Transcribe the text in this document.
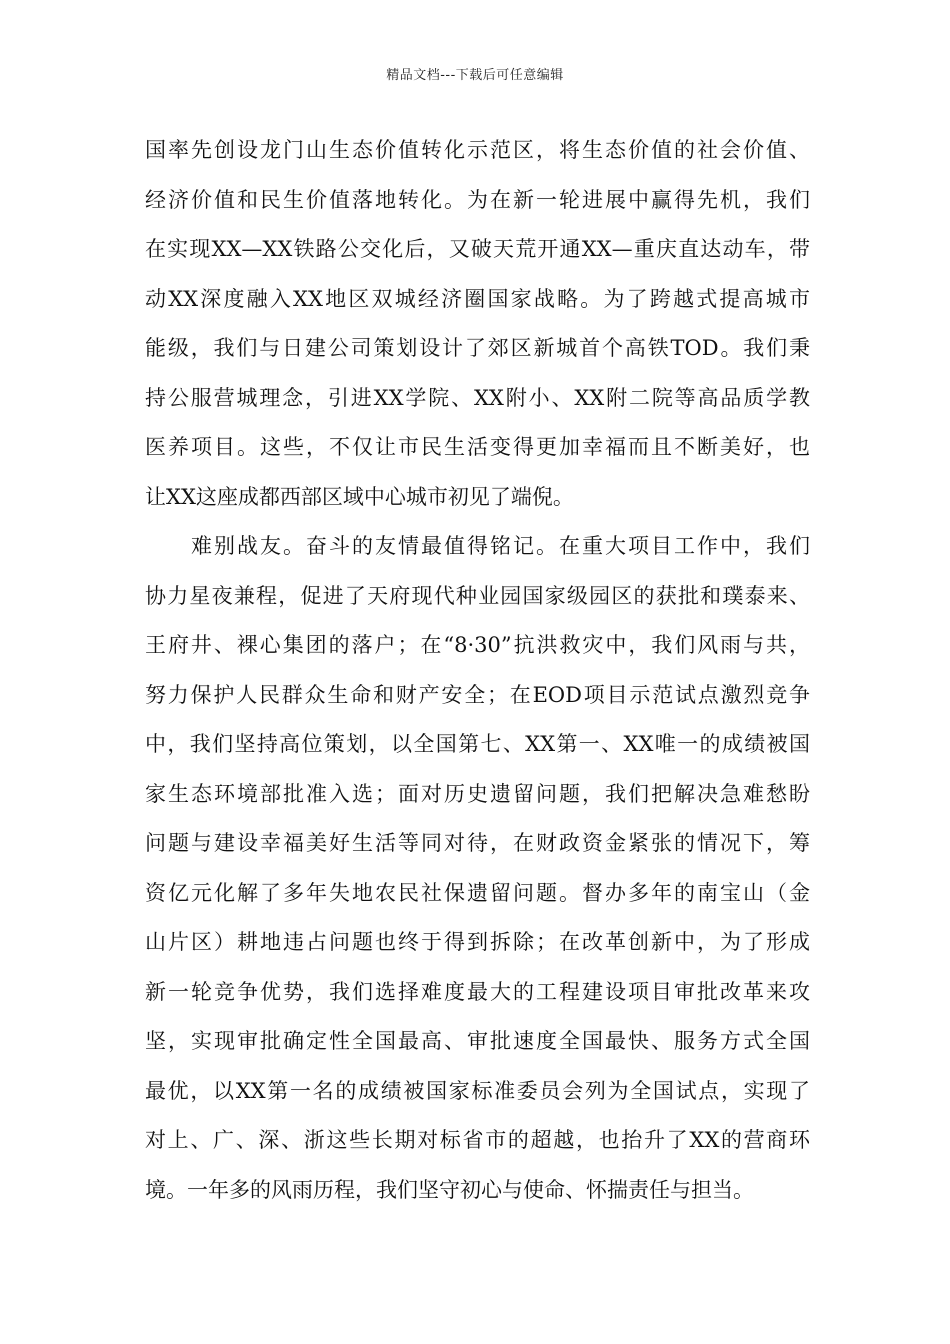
精品文档---下载后可任意编辑
国率先创设龙门山生态价值转化示范区，将生态价值的社会价值、
经济价值和民生价值落地转化。为在新一轮进展中赢得先机，我们
在实现XX—XX铁路公交化后，又破天荒开通XX—重庆直达动车，带
动XX深度融入XX地区双城经济圈国家战略。为了跨越式提高城市
能级，我们与日建公司策划设计了郊区新城首个高铁TOD。我们秉
持公服营城理念，引进XX学院、XX附小、XX附二院等高品质学教
医养项目。这些，不仅让市民生活变得更加幸福而且不断美好，也
让XX这座成都西部区域中心城市初见了端倪。
　　难别战友。奋斗的友情最值得铭记。在重大项目工作中，我们
协力星夜兼程，促进了天府现代种业园国家级园区的获批和璞泰来、
王府井、裸心集团的落户；在“8·30”抗洪救灾中，我们风雨与共，
努力保护人民群众生命和财产安全；在EOD项目示范试点激烈竞争
中，我们坚持高位策划，以全国第七、XX第一、XX唯一的成绩被国
家生态环境部批准入选；面对历史遗留问题，我们把解决急难愁盼
问题与建设幸福美好生活等同对待，在财政资金紧张的情况下，筹
资亿元化解了多年失地农民社保遗留问题。督办多年的南宝山（金
山片区）耕地违占问题也终于得到拆除；在改革创新中，为了形成
新一轮竞争优势，我们选择难度最大的工程建设项目审批改革来攻
坚，实现审批确定性全国最高、审批速度全国最快、服务方式全国
最优，以XX第一名的成绩被国家标准委员会列为全国试点，实现了
对上、广、深、浙这些长期对标省市的超越，也抬升了XX的营商环
境。一年多的风雨历程，我们坚守初心与使命、怀揣责任与担当。
